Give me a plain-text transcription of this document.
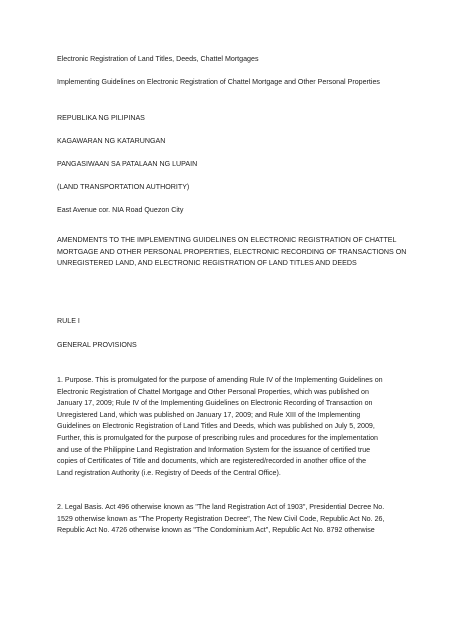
Electronic Registration of Land Titles, Deeds, Chattel Mortgages
Implementing Guidelines on Electronic Registration of Chattel Mortgage and Other Personal Properties
REPUBLIKA NG PILIPINAS
KAGAWARAN NG KATARUNGAN
PANGASIWAAN SA PATALAAN NG LUPAIN
(LAND TRANSPORTATION AUTHORITY)
East Avenue cor. NIA Road Quezon City
AMENDMENTS TO THE IMPLEMENTING GUIDELINES ON ELECTRONIC REGISTRATION OF CHATTEL
MORTGAGE AND OTHER PERSONAL PROPERTIES, ELECTRONIC RECORDING OF TRANSACTIONS ON
UNREGISTERED LAND, AND ELECTRONIC REGISTRATION OF LAND TITLES AND DEEDS
RULE I
GENERAL PROVISIONS
1. Purpose. This is promulgated for the purpose of amending Rule IV of the Implementing Guidelines on
Electronic Registration of Chattel Mortgage and Other Personal Properties, which was published on
January 17, 2009; Rule IV of the Implementing Guidelines on Electronic Recording of Transaction on
Unregistered Land, which was published on January 17, 2009; and Rule XIII of the Implementing
Guidelines on Electronic Registration of Land Titles and Deeds, which was published on July 5, 2009,
Further, this is promulgated for the purpose of prescribing rules and procedures for the implementation
and use of the Philippine Land Registration and Information System for the issuance of certified true
copies of Certificates of Title and documents, which are registered/recorded in another office of the
Land registration Authority (i.e. Registry of Deeds of the Central Office).
2. Legal Basis. Act 496 otherwise known as "The land Registration Act of 1903", Presidential Decree No.
1529 otherwise known as "The Property Registration Decree", The New Civil Code, Republic Act No. 26,
Republic Act No. 4726 otherwise known as "The Condominium Act", Republic Act No. 8792 otherwise
